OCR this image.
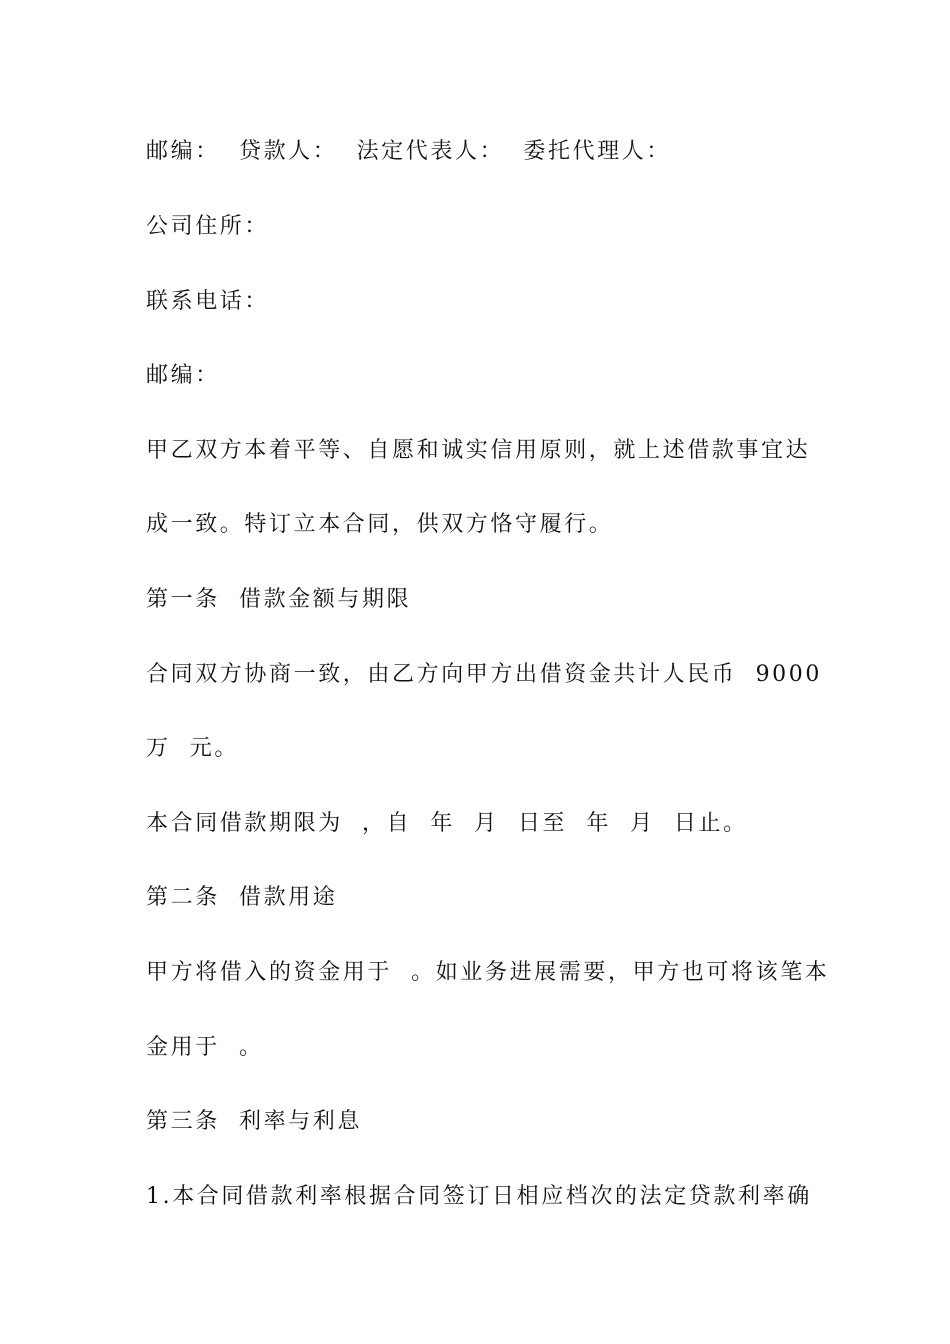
邮编：  贷款人：  法定代表人：  委托代理人：
公司住所：
联系电话：
邮编：
甲乙双方本着平等、自愿和诚实信用原则，就上述借款事宜达
成一致。特订立本合同，供双方恪守履行。
第一条  借款金额与期限
合同双方协商一致，由乙方向甲方出借资金共计人民币  9000
万  元。
本合同借款期限为  ，自  年  月  日至  年  月  日止。
第二条  借款用途
甲方将借入的资金用于  。如业务进展需要，甲方也可将该笔本
金用于  。
第三条  利率与利息
1.本合同借款利率根据合同签订日相应档次的法定贷款利率确
